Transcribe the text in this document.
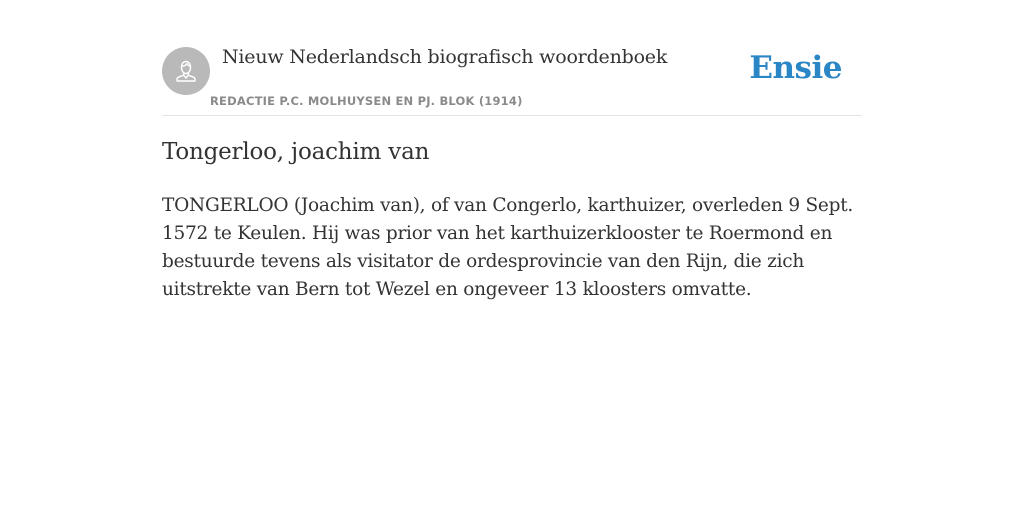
Nieuw Nederlandsch biografisch woordenboek
REDACTIE P.C. MOLHUYSEN EN PJ. BLOK (1914)
Ensie
Tongerloo, joachim van

TONGERLOO (Joachim van), of van Congerlo, karthuizer, overleden 9 Sept. 1572 te Keulen. Hij was prior van het karthuizerklooster te Roermond en bestuurde tevens als visitator de ordesprovincie van den Rijn, die zich uitstrekte van Bern tot Wezel en ongeveer 13 kloosters omvatte.
